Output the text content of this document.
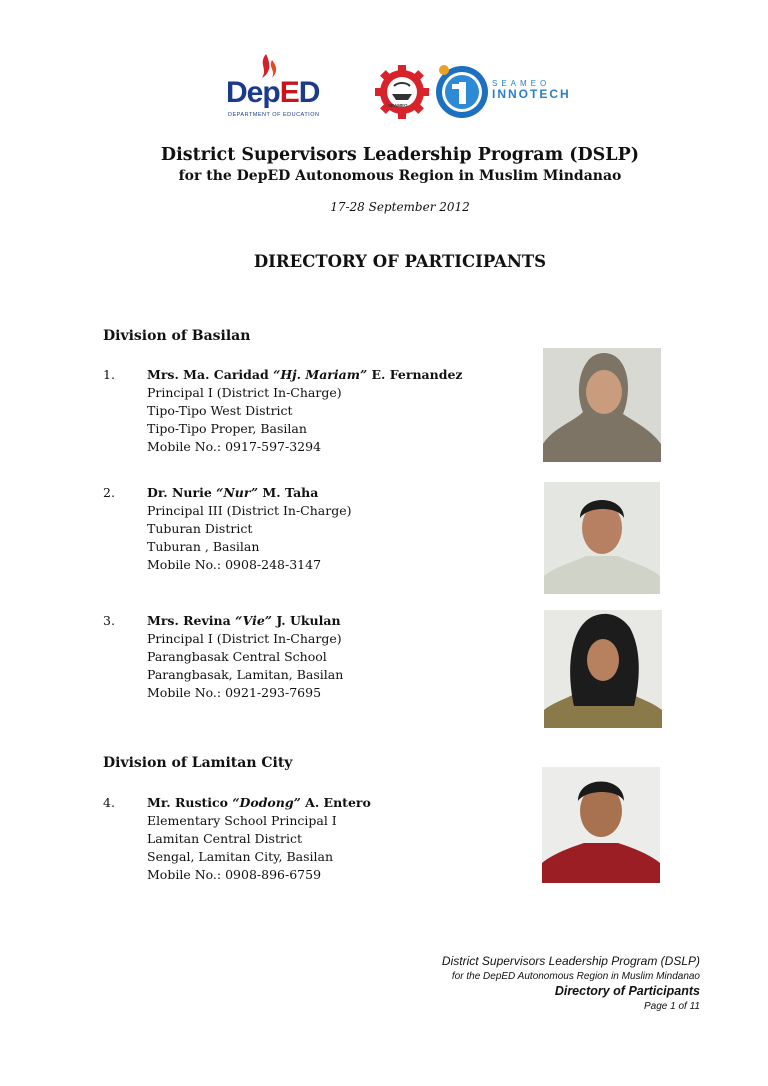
DepED
DEPARTMENT OF EDUCATION
SEAMEO
SEAMEO
INNOTECH
District Supervisors Leadership Program (DSLP)
for the DepED Autonomous Region in Muslim Mindanao
17-28 September 2012
DIRECTORY OF PARTICIPANTS
Division of Basilan
1.	Mrs. Ma. Caridad “Hj. Mariam” E. Fernandez
Principal I (District In-Charge)
Tipo-Tipo West District
Tipo-Tipo Proper, Basilan
Mobile No.: 0917-597-3294
2.	Dr. Nurie “Nur” M. Taha
Principal III (District In-Charge)
Tuburan District
Tuburan , Basilan
Mobile No.: 0908-248-3147
3.	Mrs. Revina “Vie” J. Ukulan
Principal I (District In-Charge)
Parangbasak Central School
Parangbasak, Lamitan, Basilan
Mobile No.: 0921-293-7695
Division of Lamitan City
4.	Mr. Rustico “Dodong” A. Entero
Elementary School Principal I
Lamitan Central District
Sengal, Lamitan City, Basilan
Mobile No.: 0908-896-6759
District Supervisors Leadership Program (DSLP)
for the DepED Autonomous Region in Muslim Mindanao
Directory of Participants
Page 1 of 11
